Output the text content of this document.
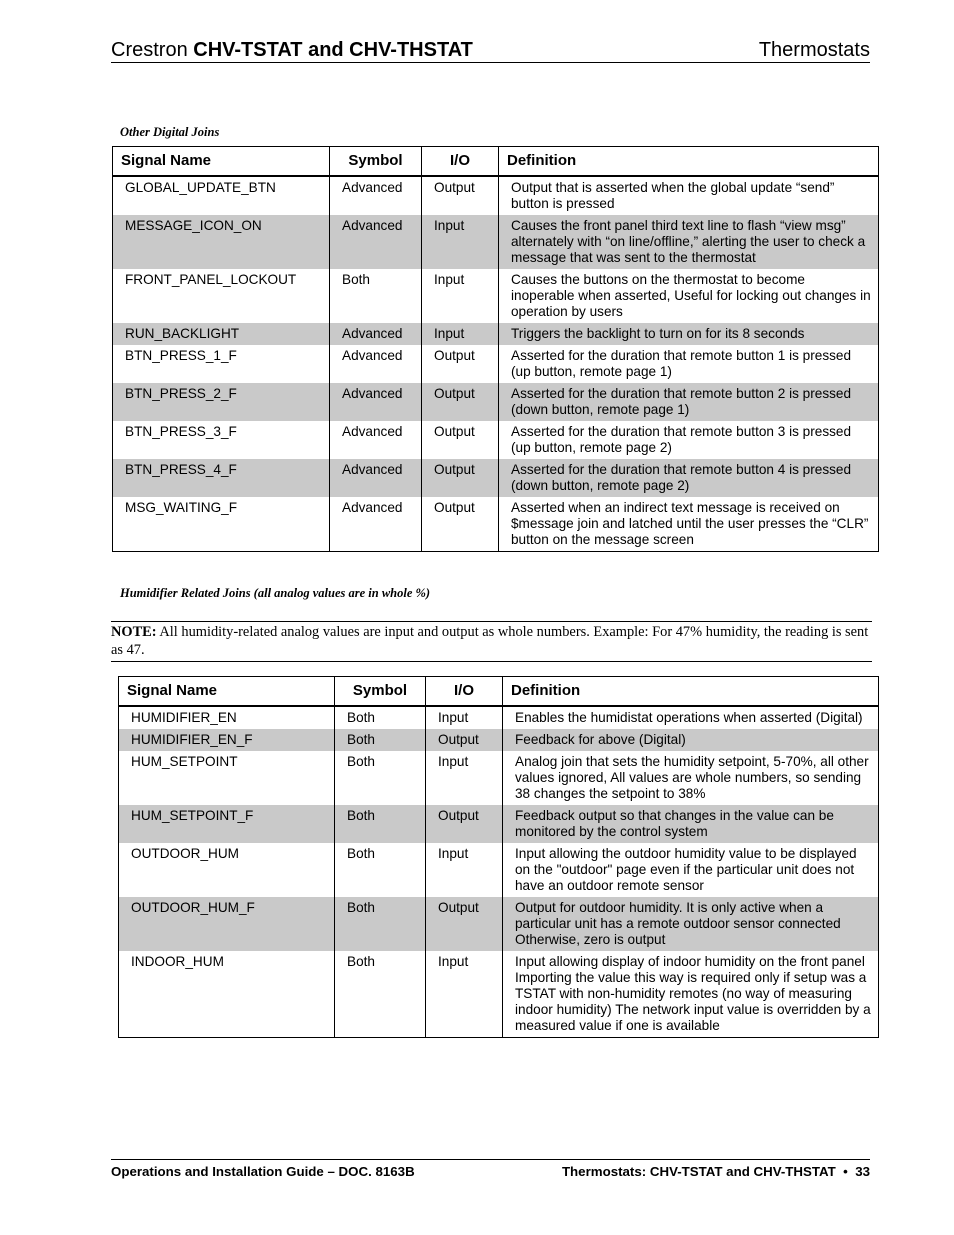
Crestron CHV-TSTAT and CHV-THSTAT	Thermostats
Other Digital Joins
Signal Name	Symbol	I/O	Definition
GLOBAL_UPDATE_BTN	Advanced	Output	Output that is asserted when the global update “send” button is pressed
MESSAGE_ICON_ON	Advanced	Input	Causes the front panel third text line to flash “view msg” alternately with “on line/offline,” alerting the user to check a message that was sent to the thermostat
FRONT_PANEL_LOCKOUT	Both	Input	Causes the buttons on the thermostat to become inoperable when asserted, Useful for locking out changes in operation by users
RUN_BACKLIGHT	Advanced	Input	Triggers the backlight to turn on for its 8 seconds
BTN_PRESS_1_F	Advanced	Output	Asserted for the duration that remote button 1 is pressed (up button, remote page 1)
BTN_PRESS_2_F	Advanced	Output	Asserted for the duration that remote button 2 is pressed (down button, remote page 1)
BTN_PRESS_3_F	Advanced	Output	Asserted for the duration that remote button 3 is pressed (up button, remote page 2)
BTN_PRESS_4_F	Advanced	Output	Asserted for the duration that remote button 4 is pressed (down button, remote page 2)
MSG_WAITING_F	Advanced	Output	Asserted when an indirect text message is received on $message join and latched until the user presses the “CLR” button on the message screen
Humidifier Related Joins (all analog values are in whole %)
NOTE: All humidity-related analog values are input and output as whole numbers. Example: For 47% humidity, the reading is sent as 47.
Signal Name	Symbol	I/O	Definition
HUMIDIFIER_EN	Both	Input	Enables the humidistat operations when asserted (Digital)
HUMIDIFIER_EN_F	Both	Output	Feedback for above (Digital)
HUM_SETPOINT	Both	Input	Analog join that sets the humidity setpoint, 5-70%, all other values ignored, All values are whole numbers, so sending 38 changes the setpoint to 38%
HUM_SETPOINT_F	Both	Output	Feedback output so that changes in the value can be monitored by the control system
OUTDOOR_HUM	Both	Input	Input allowing the outdoor humidity value to be displayed on the "outdoor" page even if the particular unit does not have an outdoor remote sensor
OUTDOOR_HUM_F	Both	Output	Output for outdoor humidity. It is only active when a particular unit has a remote outdoor sensor connected Otherwise, zero is output
INDOOR_HUM	Both	Input	Input allowing display of indoor humidity on the front panel Importing the value this way is required only if setup was a TSTAT with non-humidity remotes (no way of measuring indoor humidity) The network input value is overridden by a measured value if one is available
Operations and Installation Guide – DOC. 8163B	Thermostats: CHV-TSTAT and CHV-THSTAT • 33
